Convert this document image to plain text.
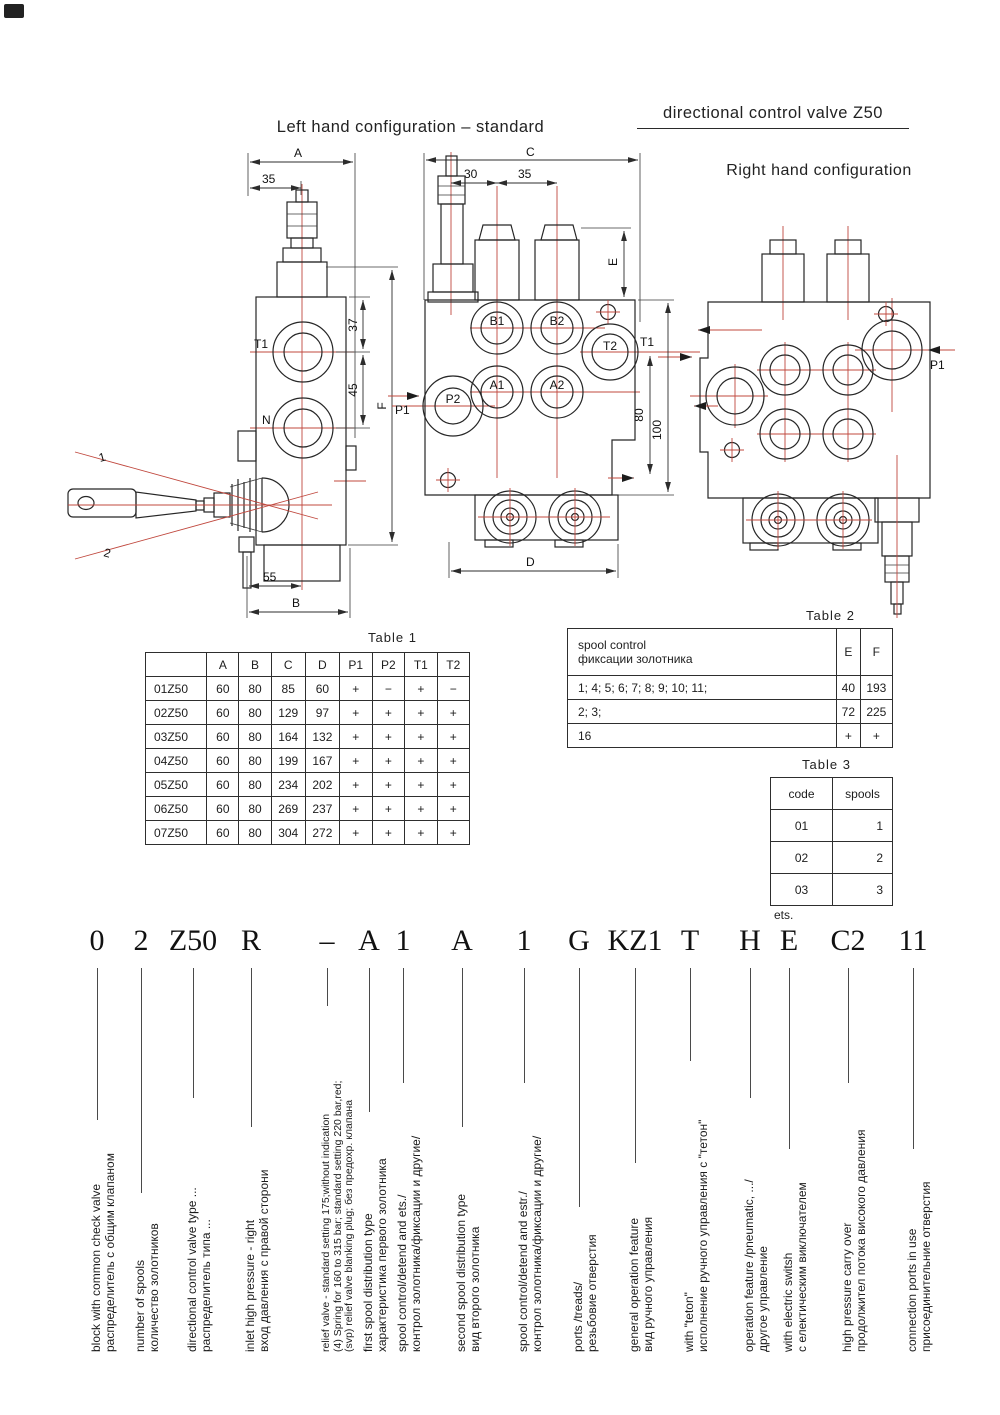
A
35
T1
N
1
2
55
B
F
37
45
C
30	35
E
B1	B2
T2
A1	A2
P2
P1
T1
80
100
D
P1
Left hand configuration – standard
directional control valve Z50
Right hand configuration
Table 1
	A	B	C	D	P1	P2	T1	T2
01Z50	60	80	85	60	+	−	+	−
02Z50	60	80	129	97	+	+	+	+
03Z50	60	80	164	132	+	+	+	+
04Z50	60	80	199	167	+	+	+	+
05Z50	60	80	234	202	+	+	+	+
06Z50	60	80	269	237	+	+	+	+
07Z50	60	80	304	272	+	+	+	+
Table 2
spool control
фиксации золотника	E	F
1; 4; 5; 6; 7; 8; 9; 10; 11;	40	193
2; 3;	72	225
16	+	+
Table 3
code	spools
01	1
02	2
03	3
ets.
0 2 Z50 R – A 1 A 1 G KZ1 T H E C2 11
block with common check valve распределитель с общим клапаном number of spools количество золотников directional control valve type ... распределитель типа ...	inlet high pressure - right вход давления с правой сторони	relief valve - standard setting 175;without indication (4) Spring for 160 to 315 bar; standard setting 220 bar,red; (svp) relief valve blanking plug; без предохр. клапана first spool distribution type характеристика первого золотника spool control/detend and ets./ контрол золотника/фиксации и другие/	second spool distribution type вид второго золотника	spool control/detend and estr./ контрол золотника/фиксации и другие/ ports /treads/ резьбовие отверстия general operation feature вид ручного управления with "teton" исполнение ручного управления с "тетон"	operation feature /pneumatic, .../ другое управление with electric switsh с електическим виключателем	high pressure carry over продолжител потока високого давления	connection ports in use присоединительние отверстия
